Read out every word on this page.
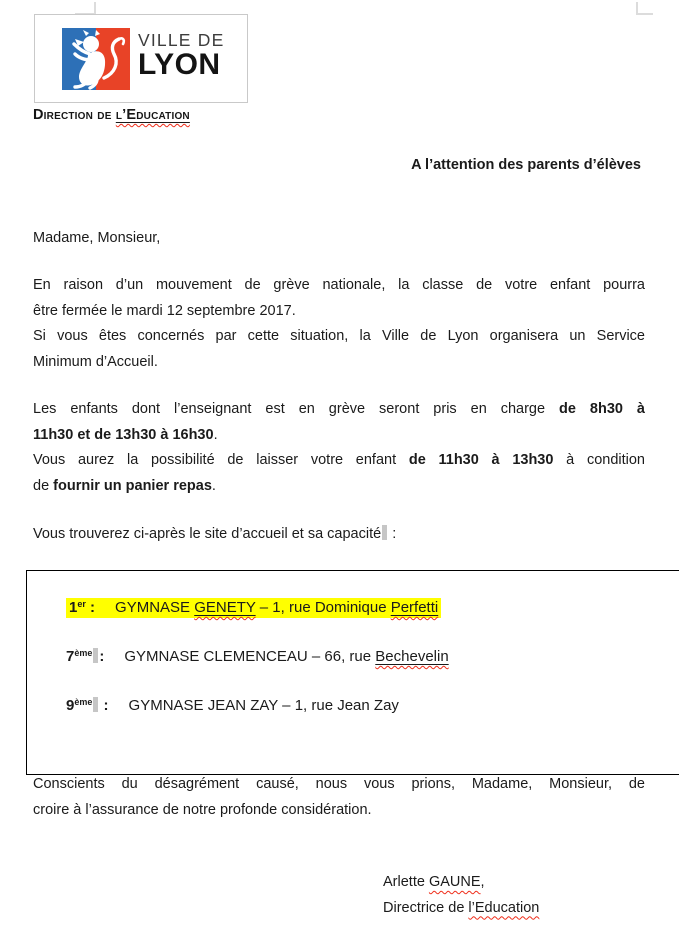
VILLE DE
LYON
Direction de l’Education
A l’attention des parents d’élèves
Madame, Monsieur,
En raison d’un mouvement de grève nationale, la classe de votre enfant pourra
être fermée le mardi 12 septembre 2017.
Si vous êtes concernés par cette situation, la Ville de Lyon organisera un Service
Minimum d’Accueil.
Les enfants dont l’enseignant est en grève seront pris en charge de 8h30 à
11h30 et de 13h30 à 16h30.
Vous aurez la possibilité de laisser votre enfant de 11h30 à 13h30 à condition
de fournir un panier repas.
Vous trouverez ci-après le site d’accueil et sa capacité :
1er : GYMNASE GENETY – 1, rue Dominique Perfetti
7ème : GYMNASE CLEMENCEAU – 66, rue Bechevelin
9ème : GYMNASE JEAN ZAY – 1, rue Jean Zay
Conscients du désagrément causé, nous vous prions, Madame, Monsieur, de
croire à l’assurance de notre profonde considération.
Arlette GAUNE,
Directrice de l’Education
